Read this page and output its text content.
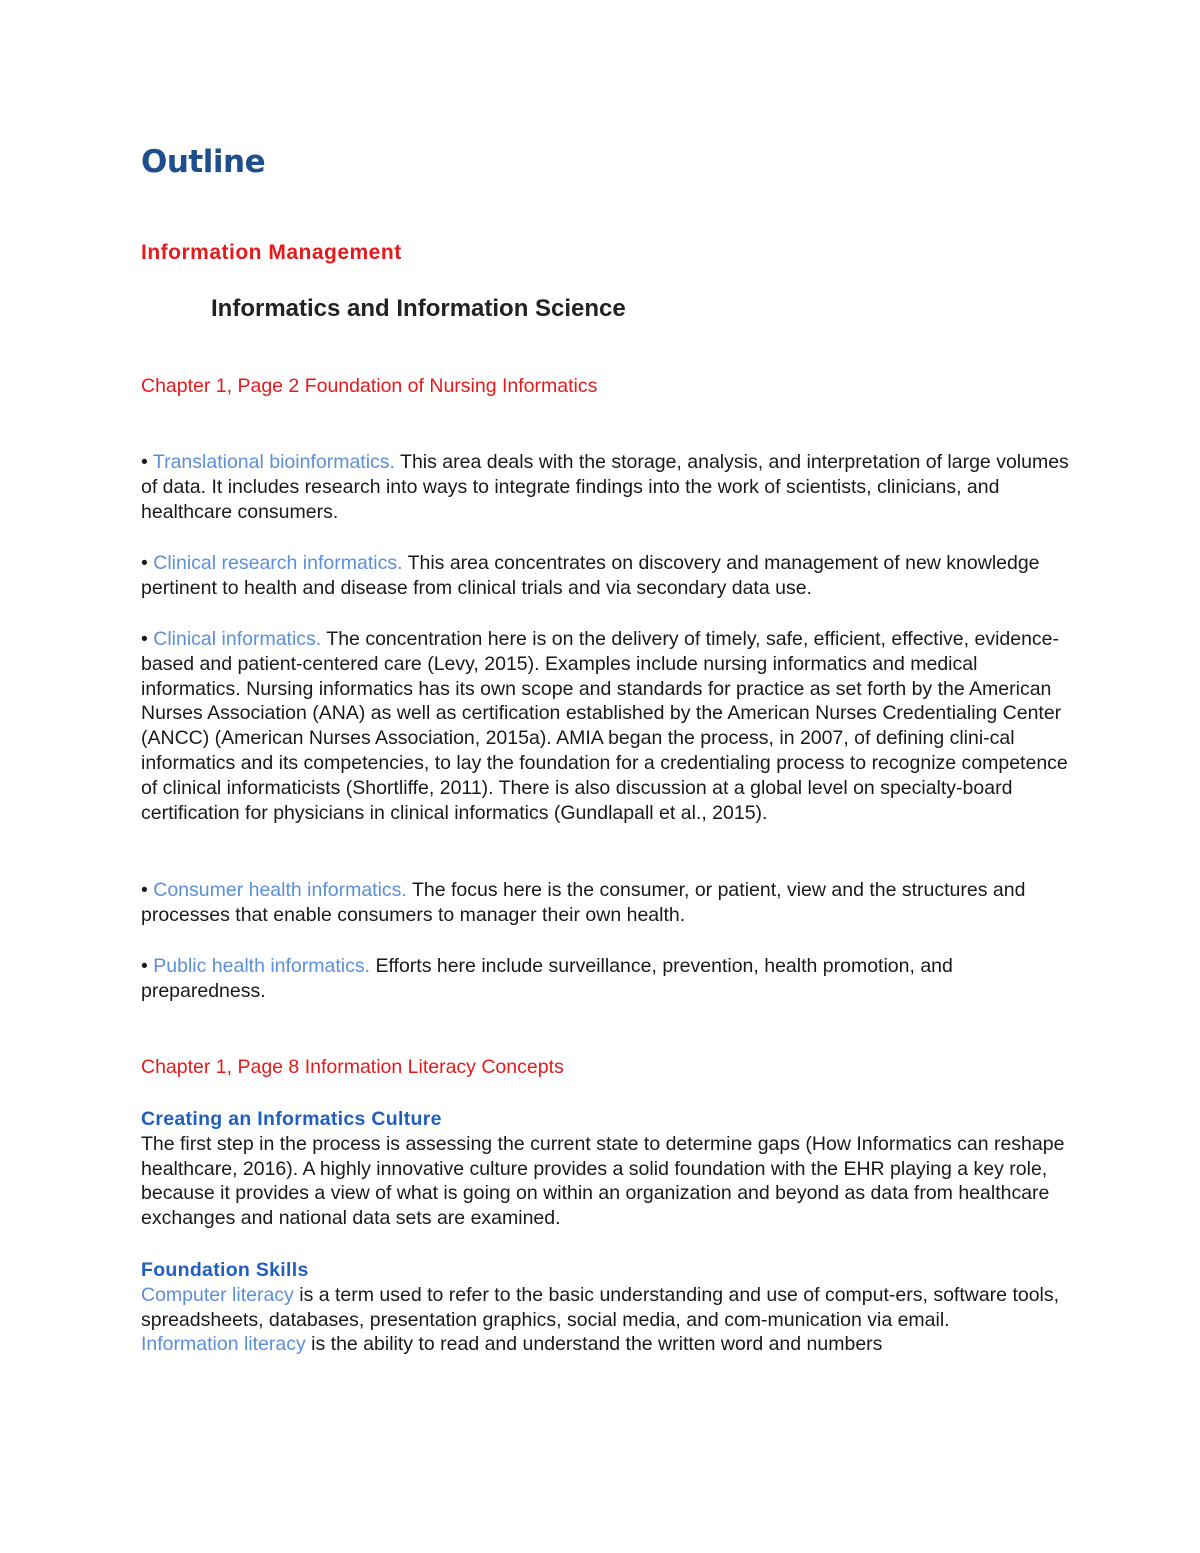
Outline
Information Management
Informatics and Information Science

Chapter 1, Page 2 Foundation of Nursing Informatics

• Translational bioinformatics. This area deals with the storage, analysis, and interpretation of large volumes of data. It includes research into ways to integrate findings into the work of scientists, clinicians, and healthcare consumers.

• Clinical research informatics. This area concentrates on discovery and management of new knowledge pertinent to health and disease from clinical trials and via secondary data use.

• Clinical informatics. The concentration here is on the delivery of timely, safe, efficient, effective, evidence-based and patient-centered care (Levy, 2015). Examples include nursing informatics and medical informatics. Nursing informatics has its own scope and standards for practice as set forth by the American Nurses Association (ANA) as well as certification established by the American Nurses Credentialing Center (ANCC) (American Nurses Association, 2015a). AMIA began the process, in 2007, of defining clini-cal informatics and its competencies, to lay the foundation for a credentialing process to recognize competence of clinical informaticists (Shortliffe, 2011). There is also discussion at a global level on specialty-board certification for physicians in clinical informatics (Gundlapall et al., 2015).

• Consumer health informatics. The focus here is the consumer, or patient, view and the structures and processes that enable consumers to manager their own health.

• Public health informatics. Efforts here include surveillance, prevention, health promotion, and preparedness.

Chapter 1, Page 8 Information Literacy Concepts

Creating an Informatics Culture
The first step in the process is assessing the current state to determine gaps (How Informatics can reshape healthcare, 2016). A highly innovative culture provides a solid foundation with the EHR playing a key role, because it provides a view of what is going on within an organization and beyond as data from healthcare exchanges and national data sets are examined.
Foundation Skills
Computer literacy is a term used to refer to the basic understanding and use of comput-ers, software tools, spreadsheets, databases, presentation graphics, social media, and com-munication via email.
Information literacy is the ability to read and understand the written word and numbers
